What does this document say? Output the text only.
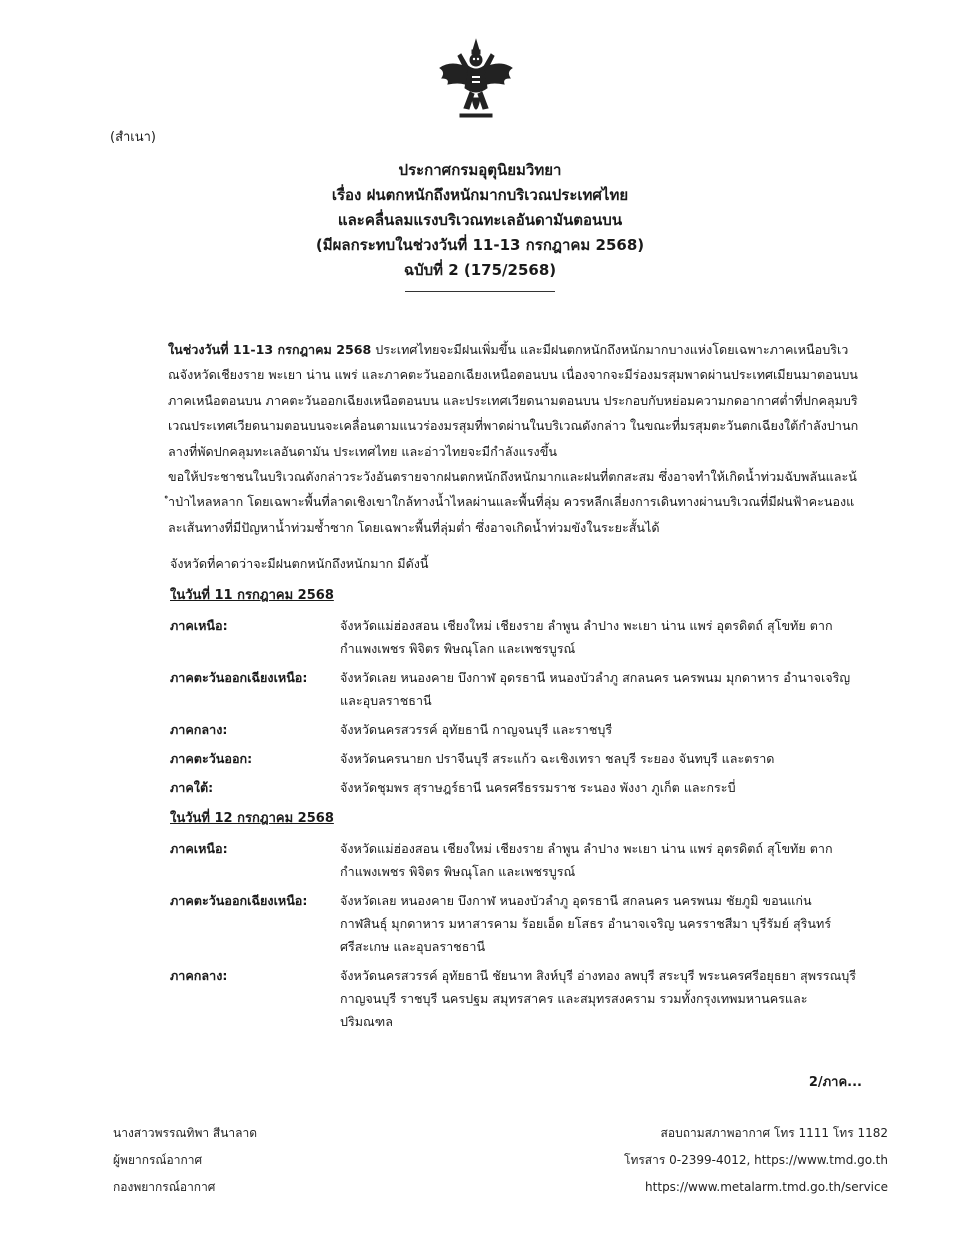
(สำเนา)
ประกาศกรมอุตุนิยมวิทยา
เรื่อง ฝนตกหนักถึงหนักมากบริเวณประเทศไทย
และคลื่นลมแรงบริเวณทะเลอันดามันตอนบน
(มีผลกระทบในช่วงวันที่ 11-13 กรกฎาคม 2568)
ฉบับที่ 2 (175/2568)

ในช่วงวันที่ 11-13 กรกฎาคม 2568 ประเทศไทยจะมีฝนเพิ่มขึ้น และมีฝนตกหนักถึงหนักมากบางแห่งโดยเฉพาะภาคเหนือบริเวณจังหวัดเชียงราย พะเยา น่าน แพร่ และภาคตะวันออกเฉียงเหนือตอนบน เนื่องจากจะมีร่องมรสุมพาดผ่านประเทศเมียนมาตอนบน ภาคเหนือตอนบน ภาคตะวันออกเฉียงเหนือตอนบน และประเทศเวียดนามตอนบน ประกอบกับหย่อมความกดอากาศต่ำที่ปกคลุมบริเวณประเทศเวียดนามตอนบนจะเคลื่อนตามแนวร่องมรสุมที่พาดผ่านในบริเวณดังกล่าว ในขณะที่มรสุมตะวันตกเฉียงใต้กำลังปานกลางที่พัดปกคลุมทะเลอันดามัน ประเทศไทย และอ่าวไทยจะมีกำลังแรงขึ้น

ขอให้ประชาชนในบริเวณดังกล่าวระวังอันตรายจากฝนตกหนักถึงหนักมากและฝนที่ตกสะสม ซึ่งอาจทำให้เกิดน้ำท่วมฉับพลันและน้ำป่าไหลหลาก โดยเฉพาะพื้นที่ลาดเชิงเขาใกล้ทางน้ำไหลผ่านและพื้นที่ลุ่ม ควรหลีกเลี่ยงการเดินทางผ่านบริเวณที่มีฝนฟ้าคะนองและเส้นทางที่มีปัญหาน้ำท่วมซ้ำซาก โดยเฉพาะพื้นที่ลุ่มต่ำ ซึ่งอาจเกิดน้ำท่วมขังในระยะสั้นได้

จังหวัดที่คาดว่าจะมีฝนตกหนักถึงหนักมาก มีดังนี้
ในวันที่ 11 กรกฎาคม 2568
ภาคเหนือ:	จังหวัดแม่ฮ่องสอน เชียงใหม่ เชียงราย ลำพูน ลำปาง พะเยา น่าน แพร่ อุตรดิตถ์ สุโขทัย ตาก กำแพงเพชร พิจิตร พิษณุโลก และเพชรบูรณ์
ภาคตะวันออกเฉียงเหนือ:	จังหวัดเลย หนองคาย บึงกาฬ อุดรธานี หนองบัวลำภู สกลนคร นครพนม มุกดาหาร อำนาจเจริญ และอุบลราชธานี
ภาคกลาง:	จังหวัดนครสวรรค์ อุทัยธานี กาญจนบุรี และราชบุรี
ภาคตะวันออก:	จังหวัดนครนายก ปราจีนบุรี สระแก้ว ฉะเชิงเทรา ชลบุรี ระยอง จันทบุรี และตราด
ภาคใต้:	จังหวัดชุมพร สุราษฎร์ธานี นครศรีธรรมราช ระนอง พังงา ภูเก็ต และกระบี่
ในวันที่ 12 กรกฎาคม 2568
ภาคเหนือ:	จังหวัดแม่ฮ่องสอน เชียงใหม่ เชียงราย ลำพูน ลำปาง พะเยา น่าน แพร่ อุตรดิตถ์ สุโขทัย ตาก กำแพงเพชร พิจิตร พิษณุโลก และเพชรบูรณ์
ภาคตะวันออกเฉียงเหนือ:	จังหวัดเลย หนองคาย บึงกาฬ หนองบัวลำภู อุดรธานี สกลนคร นครพนม ชัยภูมิ ขอนแก่น กาฬสินธุ์ มุกดาหาร มหาสารคาม ร้อยเอ็ด ยโสธร อำนาจเจริญ นครราชสีมา บุรีรัมย์ สุรินทร์ ศรีสะเกษ และอุบลราชธานี
ภาคกลาง:	จังหวัดนครสวรรค์ อุทัยธานี ชัยนาท สิงห์บุรี อ่างทอง ลพบุรี สระบุรี พระนครศรีอยุธยา สุพรรณบุรี กาญจนบุรี ราชบุรี นครปฐม สมุทรสาคร และสมุทรสงคราม รวมทั้งกรุงเทพมหานครและปริมณฑล
2/ภาค...
นางสาวพรรณทิพา สีนาลาด
ผู้พยากรณ์อากาศ
กองพยากรณ์อากาศ
สอบถามสภาพอากาศ โทร 1111 โทร 1182
โทรสาร 0-2399-4012, https://www.tmd.go.th
https://www.metalarm.tmd.go.th/service
